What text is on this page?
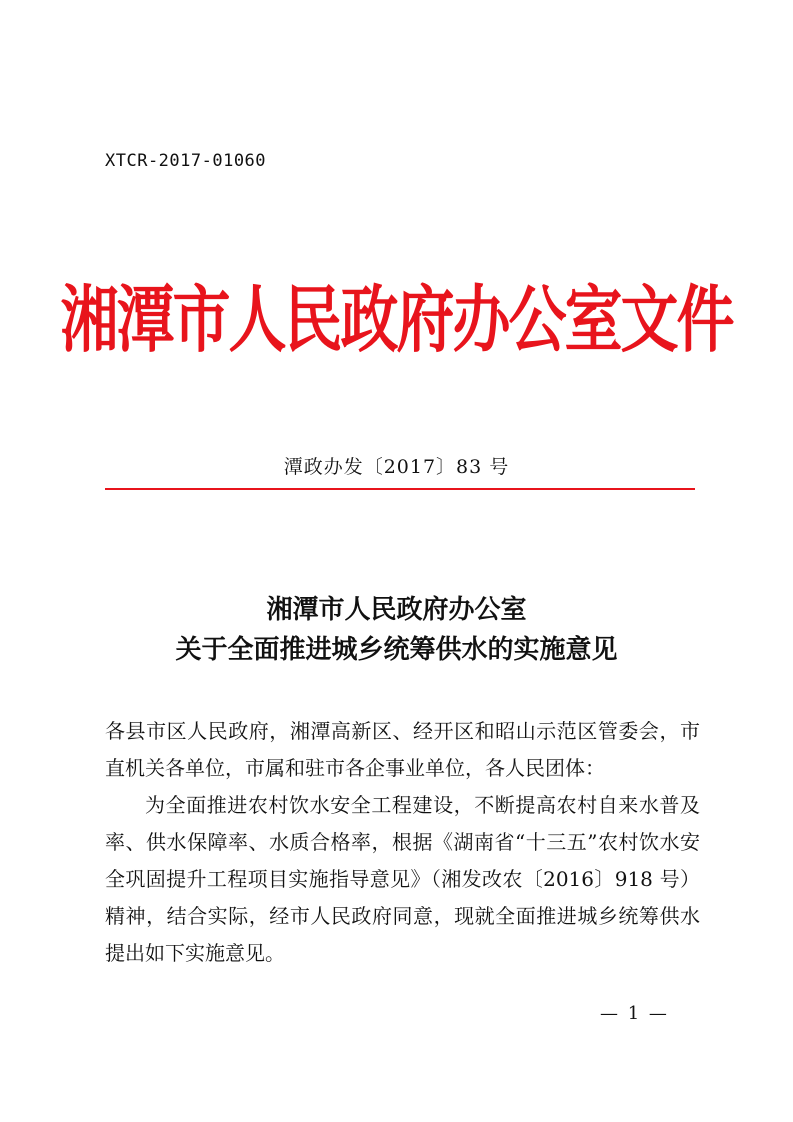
XTCR-2017-01060
湘潭市人民政府办公室文件
潭政办发〔2017〕83 号
湘潭市人民政府办公室
关于全面推进城乡统筹供水的实施意见

各县市区人民政府，湘潭高新区、经开区和昭山示范区管委会，市直机关各单位，市属和驻市各企事业单位，各人民团体：

为全面推进农村饮水安全工程建设，不断提高农村自来水普及率、供水保障率、水质合格率，根据《湖南省“十三五”农村饮水安全巩固提升工程项目实施指导意见》（湘发改农〔2016〕918 号）精神，结合实际，经市人民政府同意，现就全面推进城乡统筹供水提出如下实施意见。

— 1 —
